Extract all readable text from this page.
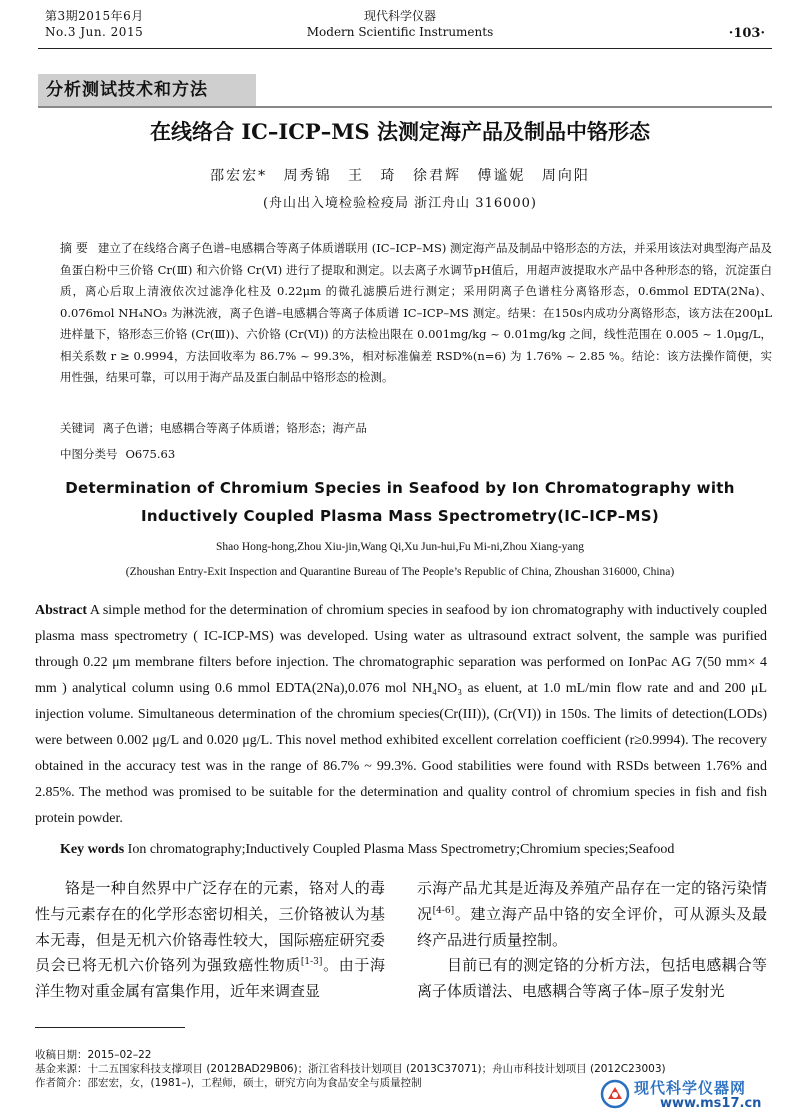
第3期2015年6月
No.3 Jun. 2015
现代科学仪器
Modern Scientific Instruments	·103·
分析测试技术和方法
在线络合 IC–ICP–MS 法测定海产品及制品中铬形态
邵宏宏* 周秀锦 王 琦 徐君辉 傅谧妮 周向阳
(舟山出入境检验检疫局 浙江舟山 316000)
摘 要 建立了在线络合离子色谱–电感耦合等离子体质谱联用 (IC–ICP–MS) 测定海产品及制品中铬形态的方法，并采用该法对典型海产品及鱼蛋白粉中三价铬 Cr(Ⅲ) 和六价铬 Cr(Ⅵ) 进行了提取和测定。以去离子水调节pH值后，用超声波提取水产品中各种形态的铬，沉淀蛋白质，离心后取上清液依次过滤净化柱及 0.22μm 的微孔滤膜后进行测定；采用阴离子色谱柱分离铬形态，0.6mmol EDTA(2Na)、0.076mol NH₄NO₃ 为淋洗液，离子色谱–电感耦合等离子体质谱 IC–ICP–MS 测定。结果：在150s内成功分离铬形态，该方法在200μL进样量下，铬形态三价铬 (Cr(Ⅲ))、六价铬 (Cr(Ⅵ)) 的方法检出限在 0.001mg/kg ~ 0.01mg/kg 之间，线性范围在 0.005 ~ 1.0μg/L，相关系数 r ≥ 0.9994，方法回收率为 86.7% ~ 99.3%，相对标准偏差 RSD%(n=6) 为 1.76% ~ 2.85 %。结论：该方法操作简便，实用性强，结果可靠，可以用于海产品及蛋白制品中铬形态的检测。
关键词 离子色谱；电感耦合等离子体质谱；铬形态；海产品
中图分类号 O675.63
Determination of Chromium Species in Seafood by Ion Chromatography with
Inductively Coupled Plasma Mass Spectrometry(IC–ICP–MS)
Shao Hong-hong,Zhou Xiu-jin,Wang Qi,Xu Jun-hui,Fu Mi-ni,Zhou Xiang-yang
(Zhoushan Entry-Exit Inspection and Quarantine Bureau of The People’s Republic of China, Zhoushan 316000, China)
Abstract A simple method for the determination of chromium species in seafood by ion chromatography with inductively coupled plasma mass spectrometry ( IC-ICP-MS) was developed. Using water as ultrasound extract solvent, the sample was purified through 0.22 μm membrane filters before injection. The chromatographic separation was performed on IonPac AG 7(50 mm× 4 mm ) analytical column using 0.6 mmol EDTA(2Na),0.076 mol NH₄NO₃ as eluent, at 1.0 mL/min flow rate and and 200 μL injection volume. Simultaneous determination of the chromium species(Cr(III)), (Cr(VI)) in 150s. The limits of detection(LODs) were between 0.002 μg/L and 0.020 μg/L. This novel method exhibited excellent correlation coefficient (r≥0.9994). The recovery obtained in the accuracy test was in the range of 86.7% ~ 99.3%. Good stabilities were found with RSDs between 1.76% and 2.85%. The method was promised to be suitable for the determination and quality control of chromium species in fish and fish protein powder.
Key words Ion chromatography;Inductively Coupled Plasma Mass Spectrometry;Chromium species;Seafood
铬是一种自然界中广泛存在的元素，铬对人的毒性与元素存在的化学形态密切相关，三价铬被认为基本无毒，但是无机六价铬毒性较大，国际癌症研究委员会已将无机六价铬列为强致癌性物质[1-3]。由于海洋生物对重金属有富集作用，近年来调查显
示海产品尤其是近海及养殖产品存在一定的铬污染情况[4-6]。建立海产品中铬的安全评价，可从源头及最终产品进行质量控制。
目前已有的测定铬的分析方法，包括电感耦合等离子体质谱法、电感耦合等离子体–原子发射光
收稿日期：2015–02–22
基金来源：十二五国家科技支撑项目 (2012BAD29B06)；浙江省科技计划项目 (2013C37071)；舟山市科技计划项目 (2012C23003)
作者简介：邵宏宏，女，(1981–)，工程师，硕士，研究方向为食品安全与质量控制	现代科学仪器网
www.ms17.cn
